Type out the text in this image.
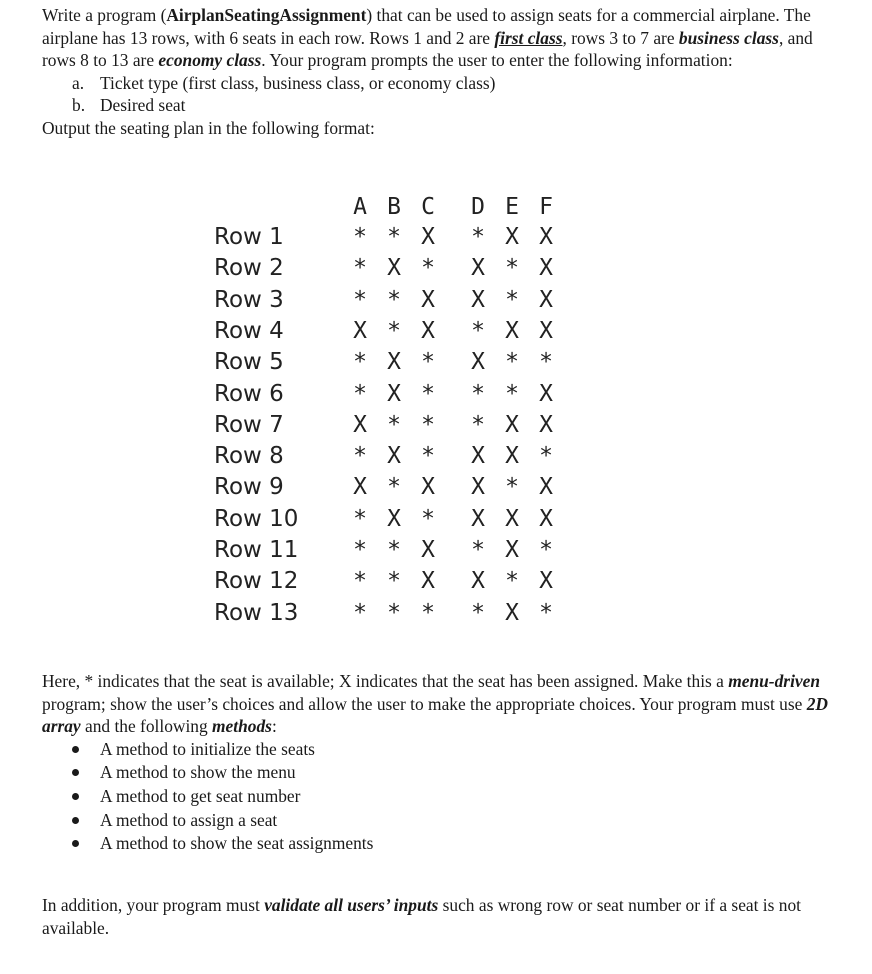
Write a program (AirplanSeatingAssignment) that can be used to assign seats for a commercial airplane. The airplane has 13 rows, with 6 seats in each row. Rows 1 and 2 are first class, rows 3 to 7 are business class, and rows 8 to 13 are economy class. Your program prompts the user to enter the following information:

a. Ticket type (first class, business class, or economy class)
b. Desired seat

Output the seating plan in the following format:

A B C D E F
Row 1	* * X * X X
Row 2	* X * X * X
Row 3	* * X X * X
Row 4	X * X * X X
Row 5	* X * X * *
Row 6	* X * * * X
Row 7	X * * * X X
Row 8	* X * X X *
Row 9	X * X X * X
Row 10	* X * X X X
Row 11	* * X * X *
Row 12	* * X X * X
Row 13	* * * * X *

Here, * indicates that the seat is available; X indicates that the seat has been assigned. Make this a menu-driven program; show the user’s choices and allow the user to make the appropriate choices. Your program must use 2D array and the following methods:

A method to initialize the seats
A method to show the menu
A method to get seat number
A method to assign a seat
A method to show the seat assignments

In addition, your program must validate all users’ inputs such as wrong row or seat number or if a seat is not available.
